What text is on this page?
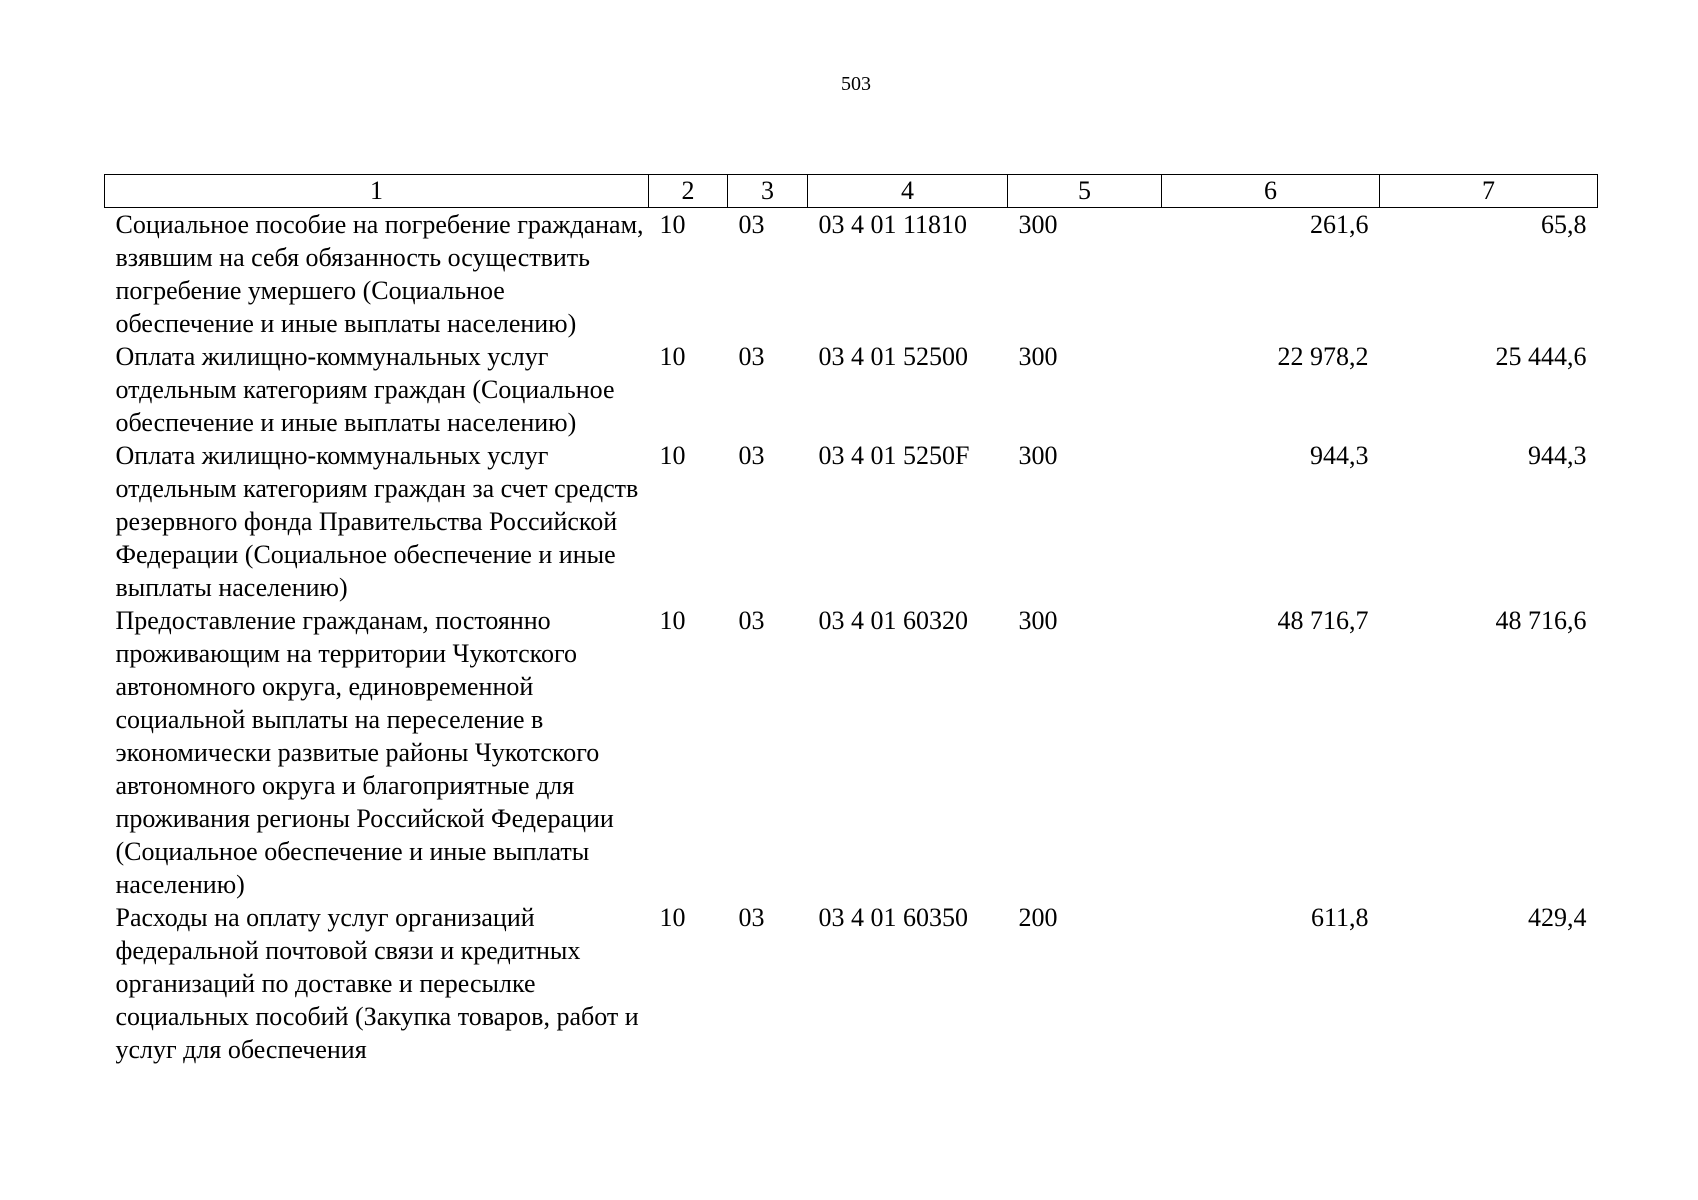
503
1	2	3	4	5	6	7
Социальное пособие на погребение гражданам, взявшим на себя обязанность осуществить погребение умершего (Социальное обеспечение и иные выплаты населению)	10	03	03 4 01 11810	300	261,6	65,8
Оплата жилищно-коммунальных услуг отдельным категориям граждан (Социальное обеспечение и иные выплаты населению)	10	03	03 4 01 52500	300	22 978,2	25 444,6
Оплата жилищно-коммунальных услуг отдельным категориям граждан за счет средств резервного фонда Правительства Российской Федерации (Социальное обеспечение и иные выплаты населению)	10	03	03 4 01 5250F	300	944,3	944,3
Предоставление гражданам, постоянно проживающим на территории Чукотского автономного округа, единовременной социальной выплаты на переселение в экономически развитые районы Чукотского автономного округа и благоприятные для проживания регионы Российской Федерации (Социальное обеспечение и иные выплаты населению)	10	03	03 4 01 60320	300	48 716,7	48 716,6
Расходы на оплату услуг организаций федеральной почтовой связи и кредитных организаций по доставке и пересылке социальных пособий (Закупка товаров, работ и услуг для обеспечения	10	03	03 4 01 60350	200	611,8	429,4
